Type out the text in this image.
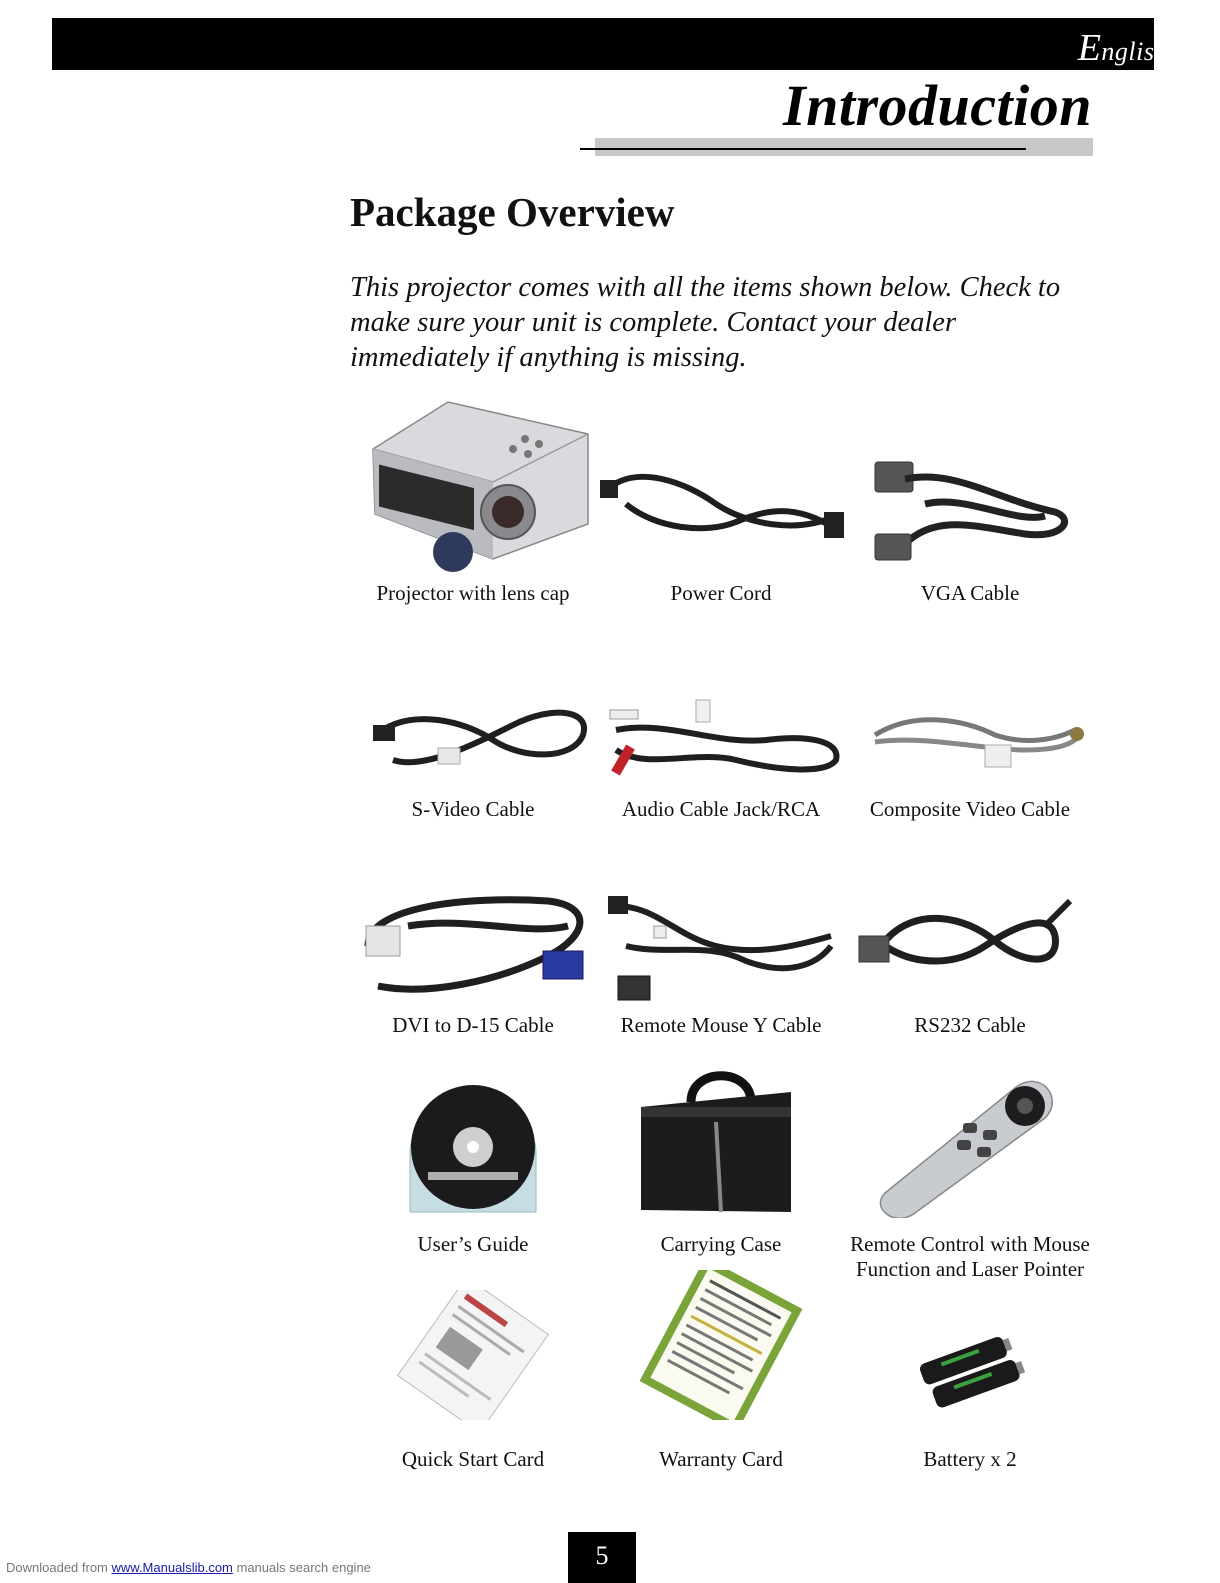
English
Introduction
Package Overview
This projector comes with all the items shown below. Check to make sure your unit is complete. Contact your dealer immediately if anything is missing.
Projector with lens cap	Power Cord	VGA Cable
S-Video Cable	Audio Cable Jack/RCA	Composite Video Cable
DVI to D-15 Cable	Remote Mouse Y Cable	RS232 Cable
User’s Guide	Carrying Case	Remote Control with Mouse Function and Laser Pointer
Quick Start Card	Warranty Card	Battery x 2
Downloaded from www.Manualslib.com manuals search engine	5
